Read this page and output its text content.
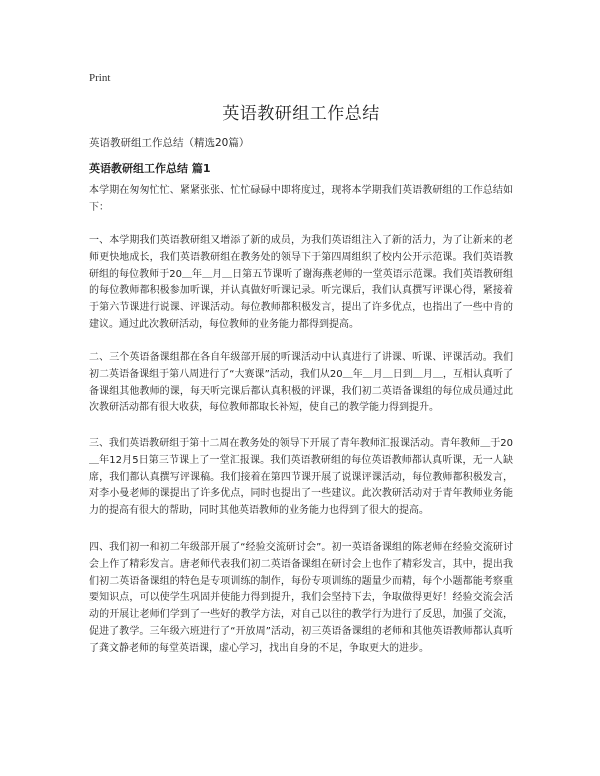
Print
英语教研组工作总结

英语教研组工作总结（精选20篇）

英语教研组工作总结 篇1

本学期在匆匆忙忙、紧紧张张、忙忙碌碌中即将度过，现将本学期我们英语教研组的工作总结如下：

一、本学期我们英语教研组又增添了新的成员，为我们英语组注入了新的活力，为了让新来的老师更快地成长，我们英语教研组在教务处的领导下于第四周组织了校内公开示范课。我们英语教研组的每位教师于20＿年＿月＿日第五节课听了谢海燕老师的一堂英语示范课。我们英语教研组的每位教师都积极参加听课，并认真做好听课记录。听完课后，我们认真撰写评课心得，紧接着于第六节课进行说课、评课活动。每位教师都积极发言，提出了许多优点，也指出了一些中肯的建议。通过此次教研活动，每位教师的业务能力都得到提高。

二、三个英语备课组都在各自年级部开展的听课活动中认真进行了讲课、听课、评课活动。我们初二英语备课组于第八周进行了“大赛课”活动，我们从20＿年＿月＿日到＿月＿，互相认真听了备课组其他教师的课，每天听完课后都认真积极的评课，我们初二英语备课组的每位成员通过此次教研活动都有很大收获，每位教师都取长补短，使自己的教学能力得到提升。

三、我们英语教研组于第十二周在教务处的领导下开展了青年教师汇报课活动。青年教师＿于20＿年12月5日第三节课上了一堂汇报课。我们英语教研组的每位英语教师都认真听课，无一人缺席，我们都认真撰写评课稿。我们接着在第四节课开展了说课评课活动，每位教师都积极发言，对李小曼老师的课提出了许多优点，同时也提出了一些建议。此次教研活动对于青年教师业务能力的提高有很大的帮助，同时其他英语教师的业务能力也得到了很大的提高。

四、我们初一和初二年级部开展了“经验交流研讨会”。初一英语备课组的陈老师在经验交流研讨会上作了精彩发言。唐老师代表我们初二英语备课组在研讨会上也作了精彩发言，其中，提出我们初二英语备课组的特色是专项训练的制作，每份专项训练的题量少而精，每个小题都能考察重要知识点，可以使学生巩固并使能力得到提升，我们会坚持下去，争取做得更好！经验交流会活动的开展让老师们学到了一些好的教学方法，对自己以往的教学行为进行了反思，加强了交流，促进了教学。三年级六班进行了“开放周”活动，初三英语备课组的老师和其他英语教师都认真听了龚文静老师的每堂英语课，虚心学习，找出自身的不足，争取更大的进步。
